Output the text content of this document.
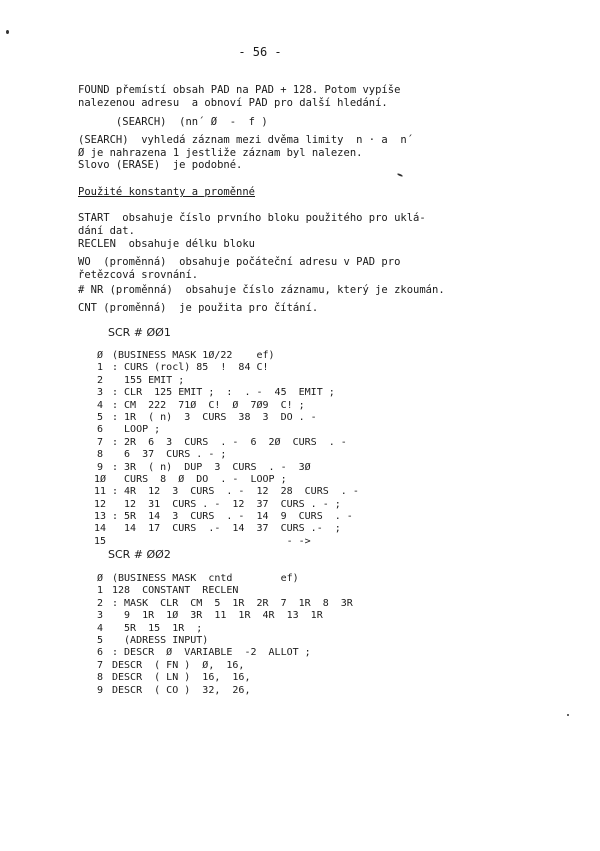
- 56 -
FOUND přemístí obsah PAD na PAD + 128. Potom vypíše
nalezenou adresu  a obnoví PAD pro další hledání.
(SEARCH)  (nn´ Ø  -  f )
(SEARCH)  vyhledá záznam mezi dvěma limity  n · a  n´
Ø je nahrazena 1 jestliže záznam byl nalezen.
Slovo (ERASE)  je podobné.
Použité konstanty a proměnné
START  obsahuje číslo prvního bloku použitého pro uklá-
dání dat.
RECLEN  obsahuje délku bloku
WO  (proměnná)  obsahuje počáteční adresu v PAD pro
řetězcová srovnání.
# NR (proměnná)  obsahuje číslo záznamu, který je zkoumán.
CNT (proměnná)  je použita pro čítání.
SCR # ØØ1
Ø (BUSINESS MASK 1Ø/22    ef)
1 : CURS (rocl) 85  !  84 C!
2 155 EMIT ;
3 : CLR  125 EMIT ;  :  . -  45  EMIT ;
4 : CM  222  71Ø  C!  Ø  7Ø9  C! ;
5 : 1R  ( n)  3  CURS  38  3  DO . -
6 LOOP ;
7 : 2R  6  3  CURS  . -  6  2Ø  CURS  . -
8 6  37  CURS . - ;
9 : 3R  ( n)  DUP  3  CURS  . -  3Ø
1Ø CURS  8  Ø  DO  . -  LOOP ;
11 : 4R  12  3  CURS  . -  12  28  CURS  . -
12 12  31  CURS . -  12  37  CURS . - ;
13 : 5R  14  3  CURS  . -  14  9  CURS  . -
14 14  17  CURS  .-  14  37  CURS .-  ;
15 - ->
SCR # ØØ2
Ø (BUSINESS MASK  cntd        ef)
1 128  CONSTANT  RECLEN
2 : MASK  CLR  CM  5  1R  2R  7  1R  8  3R
3 9  1R  1Ø  3R  11  1R  4R  13  1R
4 5R  15  1R  ;
5 (ADRESS INPUT)
6 : DESCR  Ø  VARIABLE  -2  ALLOT ;
7 DESCR  ( FN )  Ø,  16,
8 DESCR  ( LN )  16,  16,
9 DESCR  ( CO )  32,  26,
